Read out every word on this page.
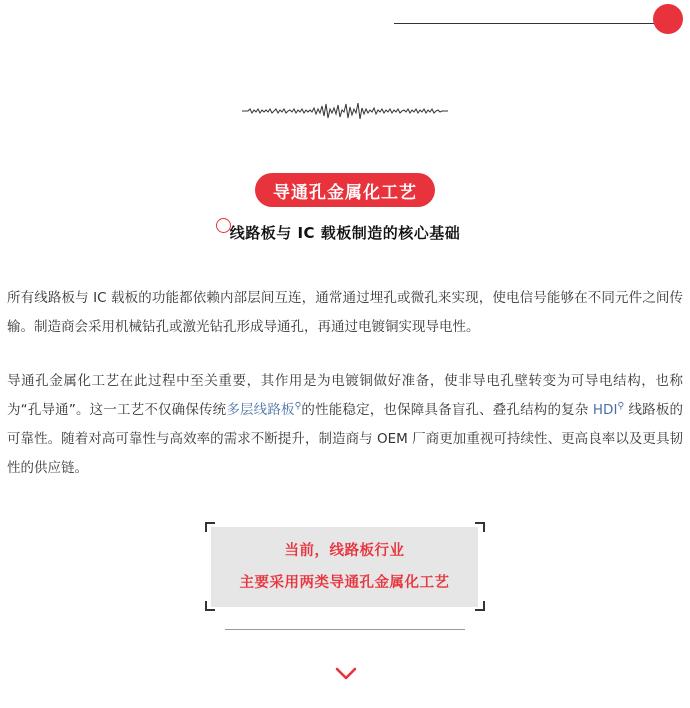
导通孔金属化工艺
线路板与 IC 载板制造的核心基础

所有线路板与 IC 载板的功能都依赖内部层间互连，通常通过埋孔或微孔来实现，使电信号能够在不同元件之间传输。制造商会采用机械钻孔或激光钻孔形成导通孔，再通过电镀铜实现导电性。

导通孔金属化工艺在此过程中至关重要，其作用是为电镀铜做好准备，使非导电孔壁转变为可导电结构，也称为“孔导通”。这一工艺不仅确保传统多层线路板⚲的性能稳定，也保障具备盲孔、叠孔结构的复杂 HDI⚲ 线路板的可靠性。随着对高可靠性与高效率的需求不断提升，制造商与 OEM 厂商更加重视可持续性、更高良率以及更具韧性的供应链。

当前，线路板行业
主要采用两类导通孔金属化工艺
